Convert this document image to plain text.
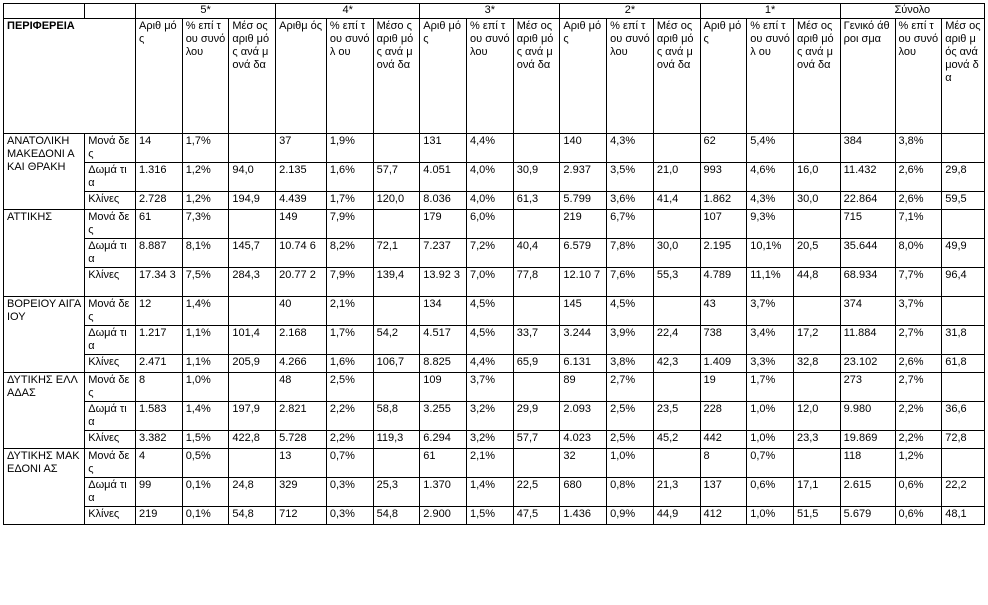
		5*			4*			3*			2*			1*			Σύνολο		
ΠΕΡΙΦΕΡΕΙΑ		Αριθ μός	% επί του συνό λου	Μέσ ος αριθ μός ανά μονά δα	Αριθμ ός	% επί του συνόλ ου	Μέσο ς αριθ μός ανά μονά δα	Αριθ μός	% επί του συνό λου	Μέσ ος αριθ μός ανά μονά δα	Αριθ μός	% επί του συνό λου	Μέσ ος αριθ μός ανά μονά δα	Αριθ μός	% επί του συνόλ ου	Μέσ ος αριθ μός ανά μονά δα	Γενικό άθροι σμα	% επί του συνό λου	Μέσ ος αριθ μός ανά μονά δα
ΑΝΑΤΟΛΙΚΗ ΜΑΚΕΔΟΝΙ Α ΚΑΙ ΘΡΑΚΗ	Μονά δες	14	1,7%		37	1,9%		131	4,4%		140	4,3%		62	5,4%		384	3,8%	
	Δωμά τια	1.316	1,2%	94,0	2.135	1,6%	57,7	4.051	4,0%	30,9	2.937	3,5%	21,0	993	4,6%	16,0	11.432	2,6%	29,8
	Κλίνες	2.728	1,2%	194,9	4.439	1,7%	120,0	8.036	4,0%	61,3	5.799	3,6%	41,4	1.862	4,3%	30,0	22.864	2,6%	59,5
ΑΤΤΙΚΗΣ	Μονά δες	61	7,3%		149	7,9%		179	6,0%		219	6,7%		107	9,3%		715	7,1%	
	Δωμά τια	8.887	8,1%	145,7	10.74 6	8,2%	72,1	7.237	7,2%	40,4	6.579	7,8%	30,0	2.195	10,1%	20,5	35.644	8,0%	49,9
	Κλίνες	17.34 3	7,5%	284,3	20.77 2	7,9%	139,4	13.92 3	7,0%	77,8	12.10 7	7,6%	55,3	4.789	11,1%	44,8	68.934	7,7%	96,4
ΒΟΡΕΙΟΥ ΑΙΓΑΙΟΥ	Μονά δες	12	1,4%		40	2,1%		134	4,5%		145	4,5%		43	3,7%		374	3,7%	
	Δωμά τια	1.217	1,1%	101,4	2.168	1,7%	54,2	4.517	4,5%	33,7	3.244	3,9%	22,4	738	3,4%	17,2	11.884	2,7%	31,8
	Κλίνες	2.471	1,1%	205,9	4.266	1,6%	106,7	8.825	4,4%	65,9	6.131	3,8%	42,3	1.409	3,3%	32,8	23.102	2,6%	61,8
ΔΥΤΙΚΗΣ ΕΛΛΑΔΑΣ	Μονά δες	8	1,0%		48	2,5%		109	3,7%		89	2,7%		19	1,7%		273	2,7%	
	Δωμά τια	1.583	1,4%	197,9	2.821	2,2%	58,8	3.255	3,2%	29,9	2.093	2,5%	23,5	228	1,0%	12,0	9.980	2,2%	36,6
	Κλίνες	3.382	1,5%	422,8	5.728	2,2%	119,3	6.294	3,2%	57,7	4.023	2,5%	45,2	442	1,0%	23,3	19.869	2,2%	72,8
ΔΥΤΙΚΗΣ ΜΑΚΕΔΟΝΙ ΑΣ	Μονά δες	4	0,5%		13	0,7%		61	2,1%		32	1,0%		8	0,7%		118	1,2%	
	Δωμά τια	99	0,1%	24,8	329	0,3%	25,3	1.370	1,4%	22,5	680	0,8%	21,3	137	0,6%	17,1	2.615	0,6%	22,2
	Κλίνες	219	0,1%	54,8	712	0,3%	54,8	2.900	1,5%	47,5	1.436	0,9%	44,9	412	1,0%	51,5	5.679	0,6%	48,1
